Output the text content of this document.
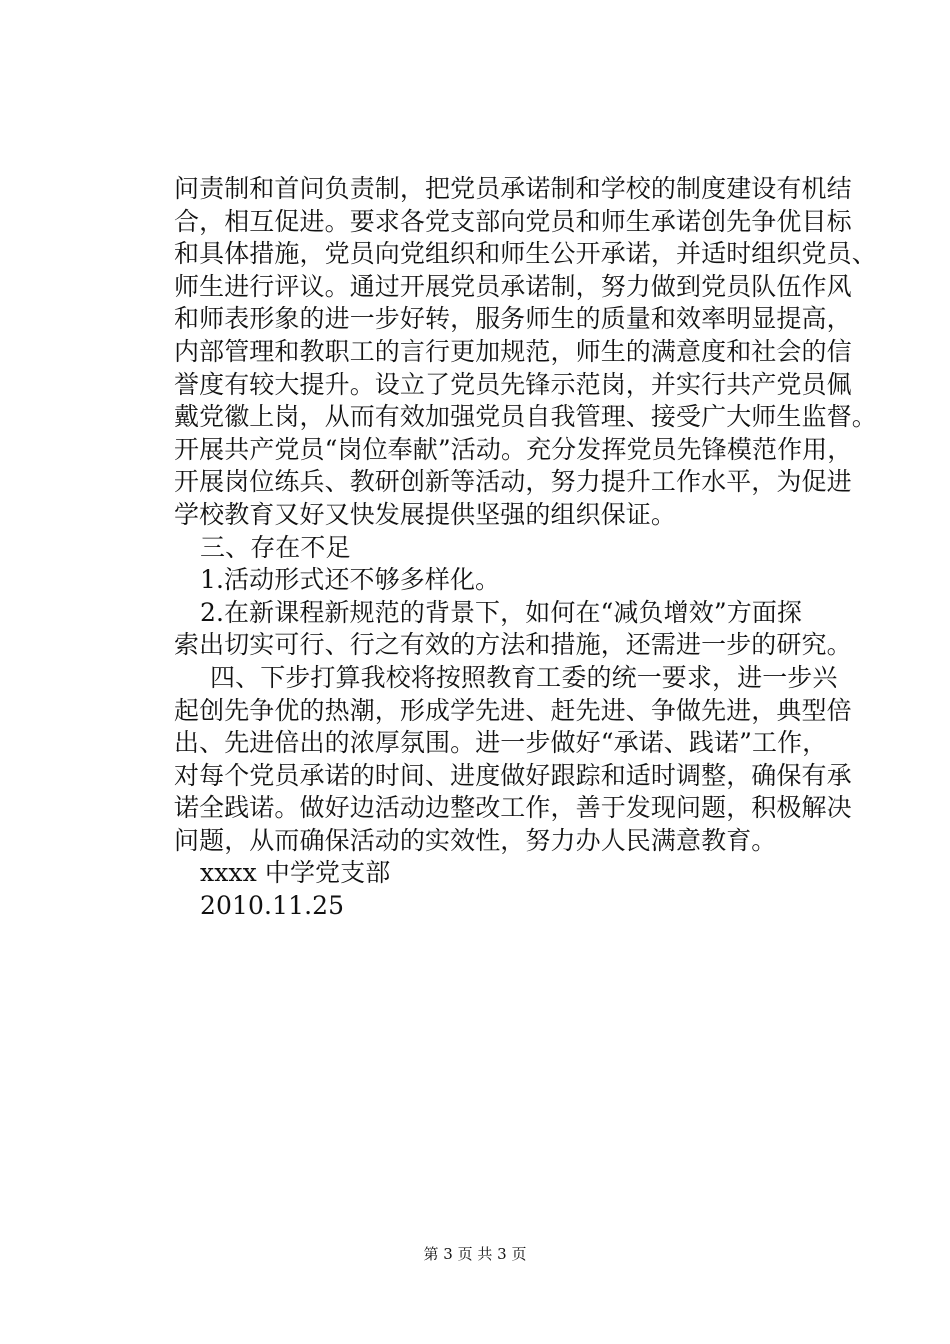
问责制和首问负责制，把党员承诺制和学校的制度建设有机结
合，相互促进。要求各党支部向党员和师生承诺创先争优目标
和具体措施，党员向党组织和师生公开承诺，并适时组织党员、
师生进行评议。通过开展党员承诺制，努力做到党员队伍作风
和师表形象的进一步好转，服务师生的质量和效率明显提高，
内部管理和教职工的言行更加规范，师生的满意度和社会的信
誉度有较大提升。设立了党员先锋示范岗，并实行共产党员佩
戴党徽上岗，从而有效加强党员自我管理、接受广大师生监督。
开展共产党员“岗位奉献”活动。充分发挥党员先锋模范作用，
开展岗位练兵、教研创新等活动，努力提升工作水平，为促进
学校教育又好又快发展提供坚强的组织保证。
三、存在不足
1.活动形式还不够多样化。
2.在新课程新规范的背景下，如何在“减负增效”方面探
索出切实可行、行之有效的方法和措施，还需进一步的研究。
四、下步打算我校将按照教育工委的统一要求，进一步兴
起创先争优的热潮，形成学先进、赶先进、争做先进，典型倍
出、先进倍出的浓厚氛围。进一步做好“承诺、践诺”工作，
对每个党员承诺的时间、进度做好跟踪和适时调整，确保有承
诺全践诺。做好边活动边整改工作，善于发现问题，积极解决
问题，从而确保活动的实效性，努力办人民满意教育。
xxxx 中学党支部
2010.11.25
第 3 页 共 3 页
